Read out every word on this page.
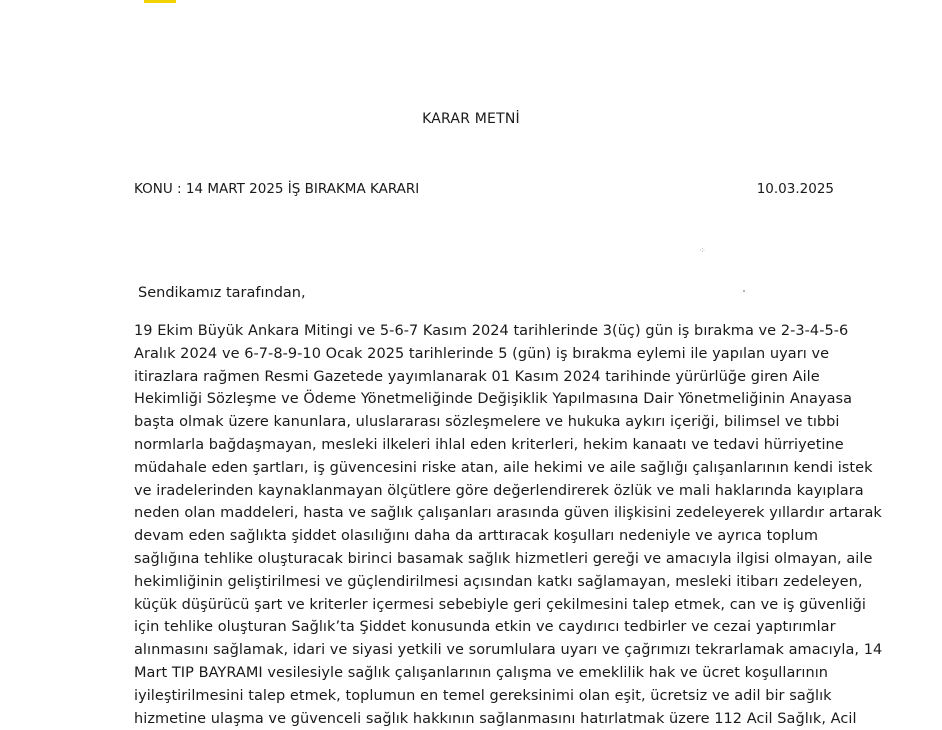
KARAR METNİ
KONU : 14 MART 2025 İŞ BIRAKMA KARARI	10.03.2025
⁘
Sendikamız tarafından,
19 Ekim Büyük Ankara Mitingi ve 5-6-7 Kasım 2024 tarihlerinde 3(üç) gün iş bırakma ve 2-3-4-5-6
Aralık 2024 ve 6-7-8-9-10 Ocak 2025 tarihlerinde 5 (gün) iş bırakma eylemi ile yapılan uyarı ve
itirazlara rağmen Resmi Gazetede yayımlanarak 01 Kasım 2024 tarihinde yürürlüğe giren Aile
Hekimliği Sözleşme ve Ödeme Yönetmeliğinde Değişiklik Yapılmasına Dair Yönetmeliğinin Anayasa
başta olmak üzere kanunlara, uluslararası sözleşmelere ve hukuka aykırı içeriği, bilimsel ve tıbbi
normlarla bağdaşmayan, mesleki ilkeleri ihlal eden kriterleri, hekim kanaatı ve tedavi hürriyetine
müdahale eden şartları, iş güvencesini riske atan, aile hekimi ve aile sağlığı çalışanlarının kendi istek
ve iradelerinden kaynaklanmayan ölçütlere göre değerlendirerek özlük ve mali haklarında kayıplara
neden olan maddeleri, hasta ve sağlık çalışanları arasında güven ilişkisini zedeleyerek yıllardır artarak
devam eden sağlıkta şiddet olasılığını daha da arttıracak koşulları nedeniyle ve ayrıca toplum
sağlığına tehlike oluşturacak birinci basamak sağlık hizmetleri gereği ve amacıyla ilgisi olmayan, aile
hekimliğinin geliştirilmesi ve güçlendirilmesi açısından katkı sağlamayan, mesleki itibarı zedeleyen,
küçük düşürücü şart ve kriterler içermesi sebebiyle geri çekilmesini talep etmek, can ve iş güvenliği
için tehlike oluşturan Sağlık’ta Şiddet konusunda etkin ve caydırıcı tedbirler ve cezai yaptırımlar
alınmasını sağlamak, idari ve siyasi yetkili ve sorumlulara uyarı ve çağrımızı tekrarlamak amacıyla, 14
Mart TIP BAYRAMI vesilesiyle sağlık çalışanlarının çalışma ve emeklilik hak ve ücret koşullarının
iyileştirilmesini talep etmek, toplumun en temel gereksinimi olan eşit, ücretsiz ve adil bir sağlık
hizmetine ulaşma ve güvenceli sağlık hakkının sağlanmasını hatırlatmak üzere 112 Acil Sağlık, Acil
